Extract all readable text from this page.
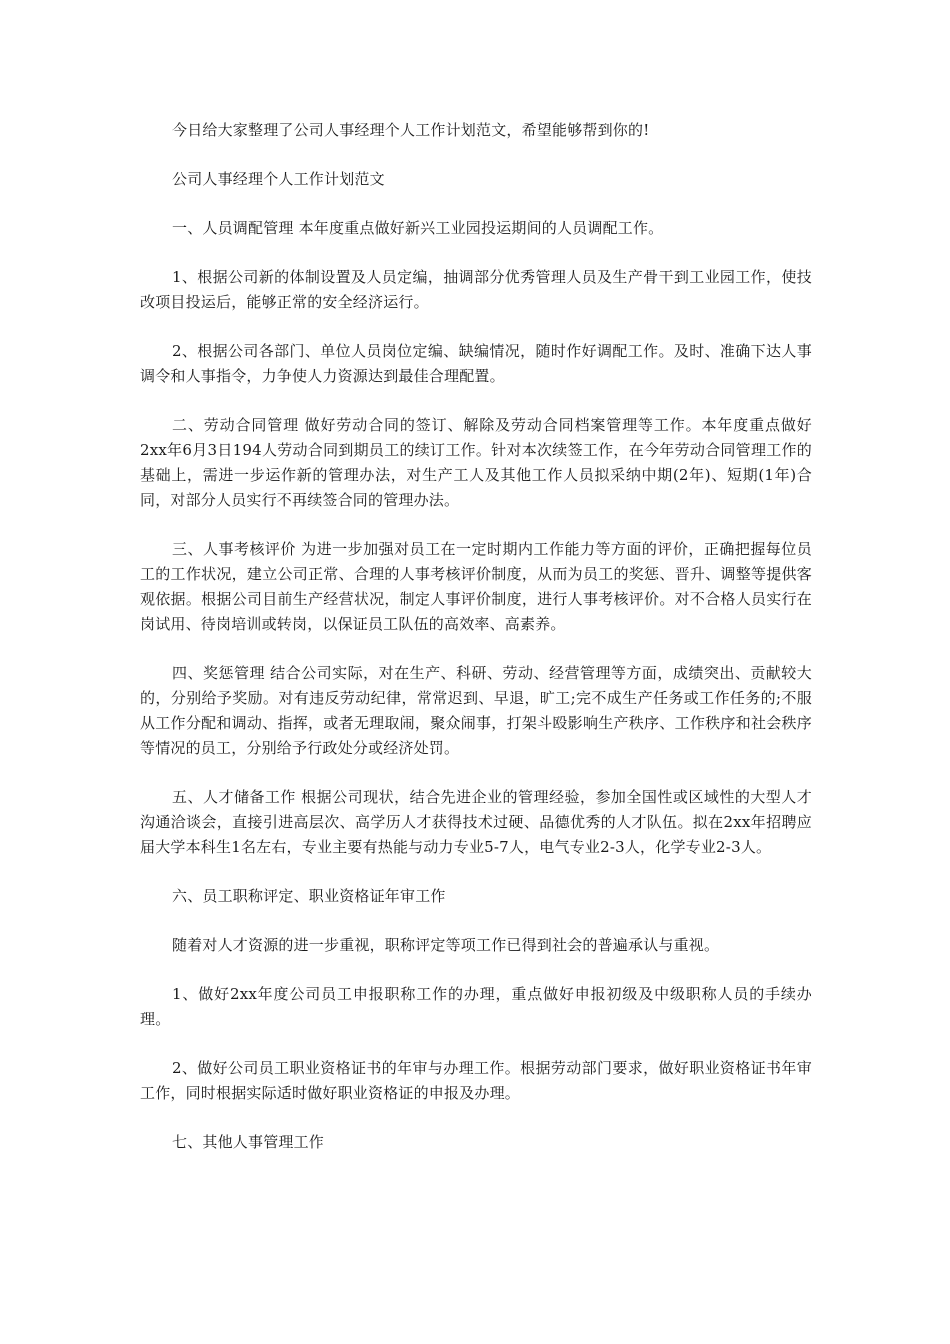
今日给大家整理了公司人事经理个人工作计划范文，希望能够帮到你的!

公司人事经理个人工作计划范文

一、人员调配管理 本年度重点做好新兴工业园投运期间的人员调配工作。

1、根据公司新的体制设置及人员定编，抽调部分优秀管理人员及生产骨干到工业园工作，使技改项目投运后，能够正常的安全经济运行。

2、根据公司各部门、单位人员岗位定编、缺编情况，随时作好调配工作。及时、准确下达人事调令和人事指令，力争使人力资源达到最佳合理配置。

二、劳动合同管理 做好劳动合同的签订、解除及劳动合同档案管理等工作。本年度重点做好2xx年6月3日194人劳动合同到期员工的续订工作。针对本次续签工作，在今年劳动合同管理工作的基础上，需进一步运作新的管理办法，对生产工人及其他工作人员拟采纳中期(2年)、短期(1年)合同，对部分人员实行不再续签合同的管理办法。

三、人事考核评价 为进一步加强对员工在一定时期内工作能力等方面的评价，正确把握每位员工的工作状况，建立公司正常、合理的人事考核评价制度，从而为员工的奖惩、晋升、调整等提供客观依据。根据公司目前生产经营状况，制定人事评价制度，进行人事考核评价。对不合格人员实行在岗试用、待岗培训或转岗，以保证员工队伍的高效率、高素养。

四、奖惩管理 结合公司实际，对在生产、科研、劳动、经营管理等方面，成绩突出、贡献较大的，分别给予奖励。对有违反劳动纪律，常常迟到、早退，旷工;完不成生产任务或工作任务的;不服从工作分配和调动、指挥，或者无理取闹，聚众闹事，打架斗殴影响生产秩序、工作秩序和社会秩序等情况的员工，分别给予行政处分或经济处罚。

五、人才储备工作 根据公司现状，结合先进企业的管理经验，参加全国性或区域性的大型人才沟通洽谈会，直接引进高层次、高学历人才获得技术过硬、品德优秀的人才队伍。拟在2xx年招聘应届大学本科生1名左右，专业主要有热能与动力专业5-7人，电气专业2-3人，化学专业2-3人。

六、员工职称评定、职业资格证年审工作

随着对人才资源的进一步重视，职称评定等项工作已得到社会的普遍承认与重视。

1、做好2xx年度公司员工申报职称工作的办理，重点做好申报初级及中级职称人员的手续办理。

2、做好公司员工职业资格证书的年审与办理工作。根据劳动部门要求，做好职业资格证书年审工作，同时根据实际适时做好职业资格证的申报及办理。

七、其他人事管理工作
